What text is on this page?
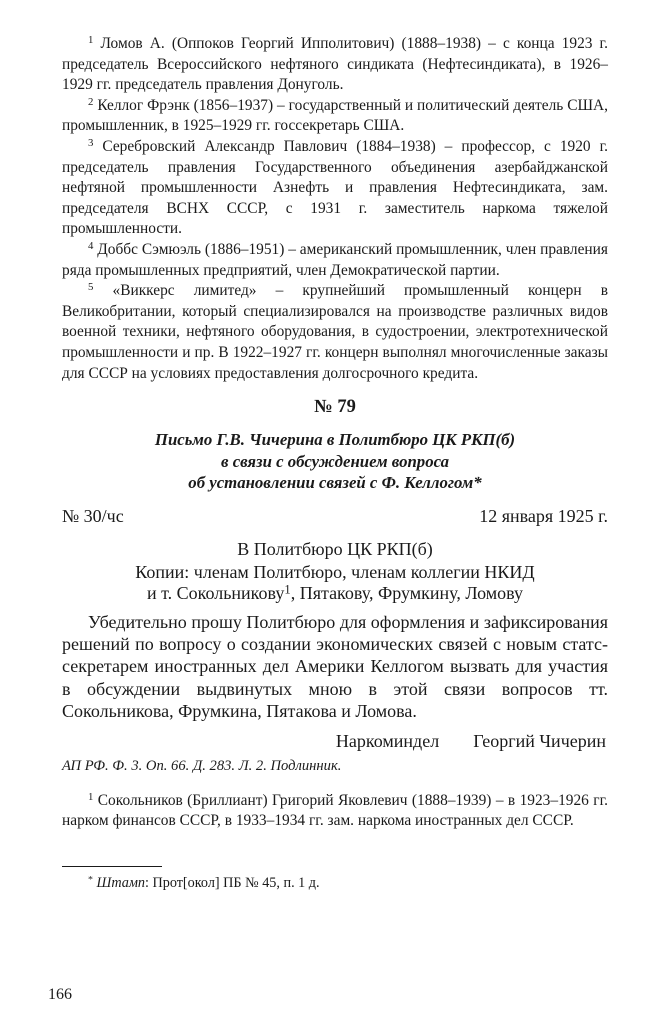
$^1$ Ломов А. (Оппоков Георгий Ипполитович) (1888–1938) – с конца 1923 г. председатель Всероссийского нефтяного синдиката (Нефтесиндиката), в 1926–1929 гг. председатель правления Донуголь.

$^2$ Келлог Фрэнк (1856–1937) – государственный и политический деятель США, промышленник, в 1925–1929 гг. госсекретарь США.

$^3$ Серебровский Александр Павлович (1884–1938) – профессор, с 1920 г. председатель правления Государственного объединения азербайджанской нефтяной промышленности Азнефть и правления Нефтесиндиката, зам. председателя ВСНХ СССР, с 1931 г. заместитель наркома тяжелой промышленности.

$^4$ Доббс Сэмюэль (1886–1951) – американский промышленник, член правления ряда промышленных предприятий, член Демократической партии.

$^5$ «Виккерс лимитед» – крупнейший промышленный концерн в Великобритании, который специализировался на производстве различных видов военной техники, нефтяного оборудования, в судостроении, электротехнической промышленности и пр. В 1922–1927 гг. концерн выполнял многочисленные заказы для СССР на условиях предоставления долгосрочного кредита.

№ 79
Письмо Г.В. Чичерина в Политбюро ЦК РКП(б)
в связи с обсуждением вопроса
об установлении связей с Ф. Келлогом*
№ 30/чс	12 января 1925 г.
В Политбюро ЦК РКП(б)
Копии: членам Политбюро, членам коллегии НКИД
и т. Сокольникову$^1$, Пятакову, Фрумкину, Ломову

Убедительно прошу Политбюро для оформления и зафиксирования решений по вопросу о создании экономических связей с новым статс-секретарем иностранных дел Америки Келлогом вызвать для участия в обсуждении выдвинутых мною в этой связи вопросов тт. Сокольникова, Фрумкина, Пятакова и Ломова.

Наркоминдел Георгий Чичерин
АП РФ. Ф. 3. Оп. 66. Д. 283. Л. 2. Подлинник.

$^1$ Сокольников (Бриллиант) Григорий Яковлевич (1888–1939) – в 1923–1926 гг. нарком финансов СССР, в 1933–1934 гг. зам. наркома иностранных дел СССР.

* Штамп: Прот[окол] ПБ № 45, п. 1 д.

166
